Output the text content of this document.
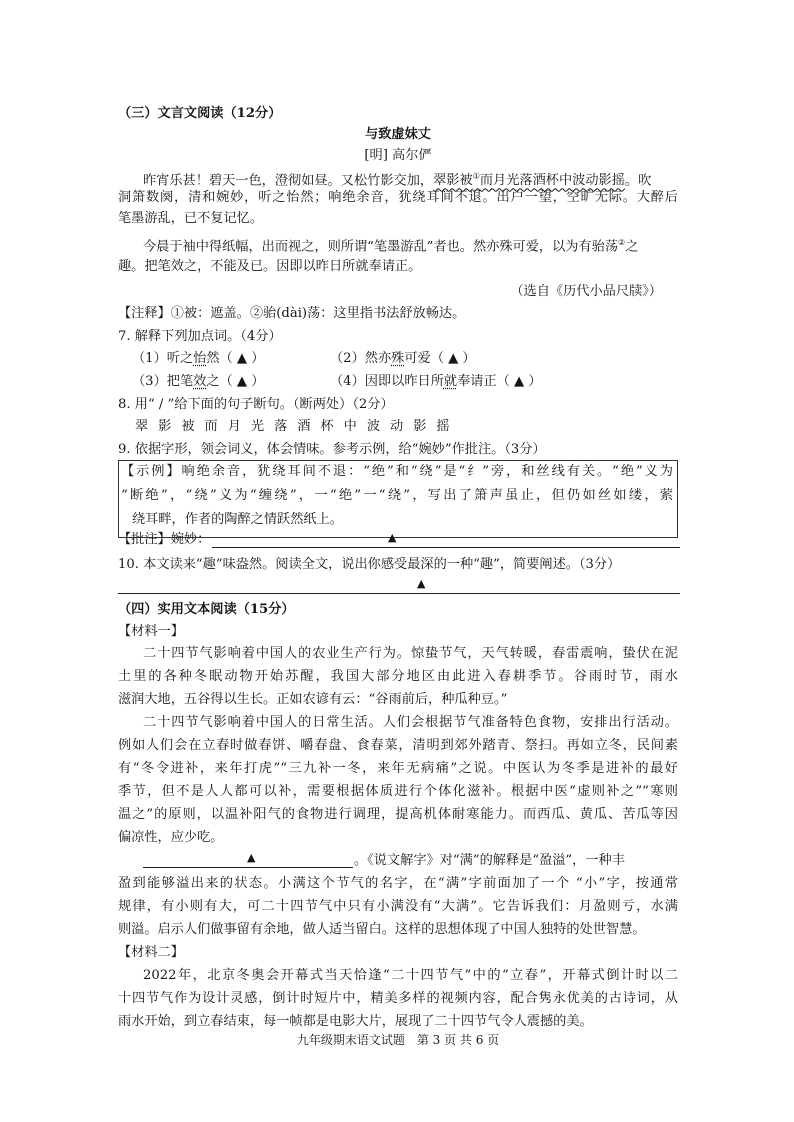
（三）文言文阅读（12分）
与致虚妹丈
[明] 高尔俨
昨宵乐甚！碧天一色，澄彻如昼。又松竹影交加，翠影被①而月光落酒杯中波动影摇。吹
洞箫数阕，清和婉妙，听之怡然；响绝余音，犹绕耳间不退。出户一望，空旷无际。大醉后
笔墨游乱，已不复记忆。
今晨于袖中得纸幅，出而视之，则所谓“笔墨游乱”者也。然亦殊可爱，以为有骀荡②之
趣。把笔效之，不能及已。因即以昨日所就奉请正。
（选自《历代小品尺牍》）
【注释】①被：遮盖。②骀(dài)荡：这里指书法舒放畅达。
7. 解释下列加点词。（4分）
（1）听之怡然（ ▲ ）	（2）然亦殊可爱（ ▲ ）
（3）把笔效之（ ▲ ）	（4）因即以昨日所就奉请正（ ▲ ）
8. 用“ / ”给下面的句子断句。（断两处）（2分）
翠影被而月光落酒杯中波动影摇
9. 依据字形，领会词义，体会情味。参考示例，给“婉妙”作批注。（3分）
【示例】响绝余音，犹绕耳间不退：“绝”和“绕”是“纟”旁，和丝线有关。“绝”义为
“断绝”，“绕”义为“缠绕”，一“绝”一“绕”，写出了箫声虽止，但仍如丝如缕，萦
绕耳畔，作者的陶醉之情跃然纸上。
【批注】婉妙：	▲
10. 本文读来“趣”味盎然。阅读全文，说出你感受最深的一种“趣”，简要阐述。（3分）
▲
（四）实用文本阅读（15分）
【材料一】
二十四节气影响着中国人的农业生产行为。惊蛰节气，天气转暖，春雷震响，蛰伏在泥
土里的各种冬眠动物开始苏醒，我国大部分地区由此进入春耕季节。谷雨时节，雨水
滋润大地，五谷得以生长。正如农谚有云：“谷雨前后，种瓜种豆。”
二十四节气影响着中国人的日常生活。人们会根据节气准备特色食物，安排出行活动。
例如人们会在立春时做春饼、嚼春盘、食春菜，清明到郊外踏青、祭扫。再如立冬，民间素
有“冬令进补，来年打虎”“三九补一冬，来年无病痛”之说。中医认为冬季是进补的最好
季节，但不是人人都可以补，需要根据体质进行个体化滋补。根据中医“虚则补之”“寒则
温之”的原则，以温补阳气的食物进行调理，提高机体耐寒能力。而西瓜、黄瓜、苦瓜等因
偏凉性，应少吃。
▲	。《说文解字》对“满”的解释是“盈溢”，一种丰
盈到能够溢出来的状态。小满这个节气的名字，在“满”字前面加了一个 “小”字，按通常
规律，有小则有大，可二十四节气中只有小满没有“大满”。它告诉我们：月盈则亏，水满
则溢。启示人们做事留有余地，做人适当留白。这样的思想体现了中国人独特的处世智慧。
【材料二】
2022年，北京冬奥会开幕式当天恰逢“二十四节气”中的“立春”，开幕式倒计时以二
十四节气作为设计灵感，倒计时短片中，精美多样的视频内容，配合隽永优美的古诗词，从
雨水开始，到立春结束，每一帧都是电影大片，展现了二十四节气令人震撼的美。
九年级期末语文试题　第 3 页 共 6 页
